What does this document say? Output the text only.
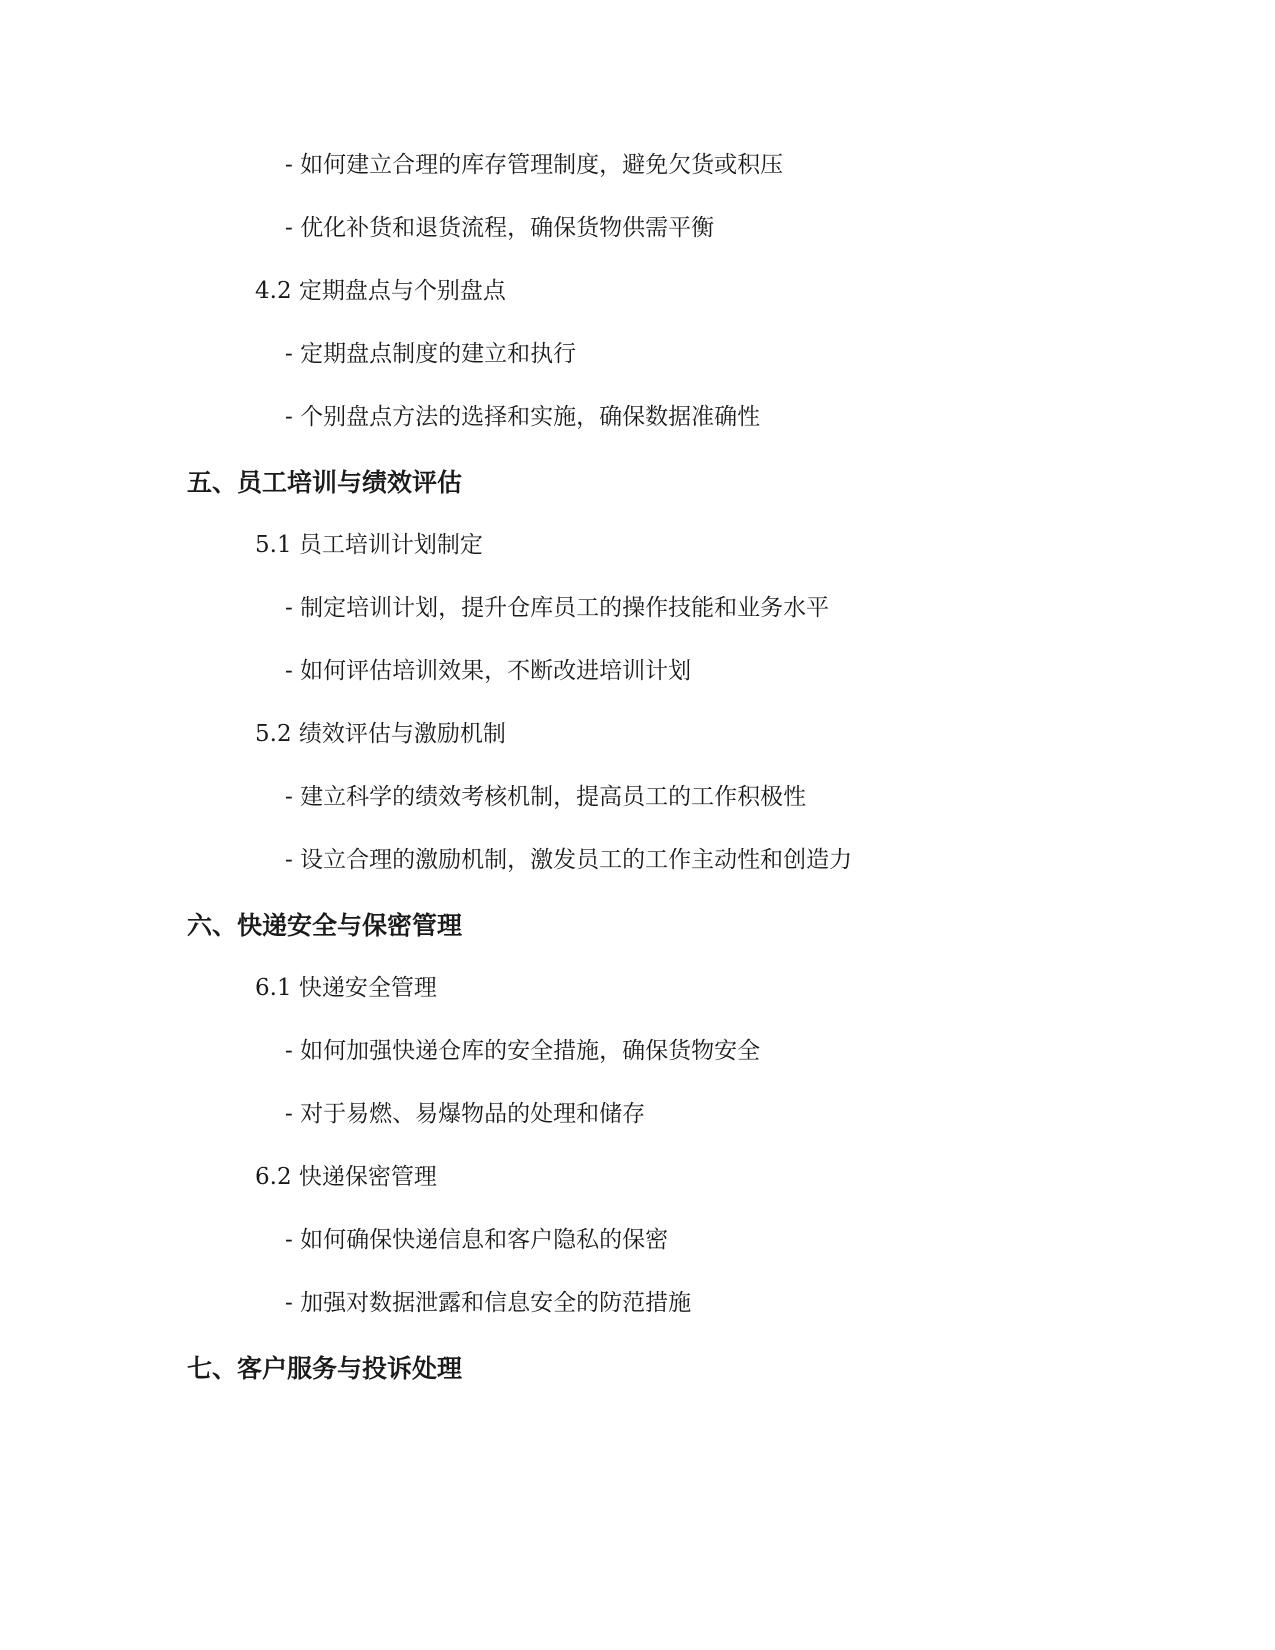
- 如何建立合理的库存管理制度，避免欠货或积压
- 优化补货和退货流程，确保货物供需平衡
4.2 定期盘点与个别盘点
- 定期盘点制度的建立和执行
- 个别盘点方法的选择和实施，确保数据准确性
五、员工培训与绩效评估
5.1 员工培训计划制定
- 制定培训计划，提升仓库员工的操作技能和业务水平
- 如何评估培训效果，不断改进培训计划
5.2 绩效评估与激励机制
- 建立科学的绩效考核机制，提高员工的工作积极性
- 设立合理的激励机制，激发员工的工作主动性和创造力
六、快递安全与保密管理
6.1 快递安全管理
- 如何加强快递仓库的安全措施，确保货物安全
- 对于易燃、易爆物品的处理和储存
6.2 快递保密管理
- 如何确保快递信息和客户隐私的保密
- 加强对数据泄露和信息安全的防范措施
七、客户服务与投诉处理
